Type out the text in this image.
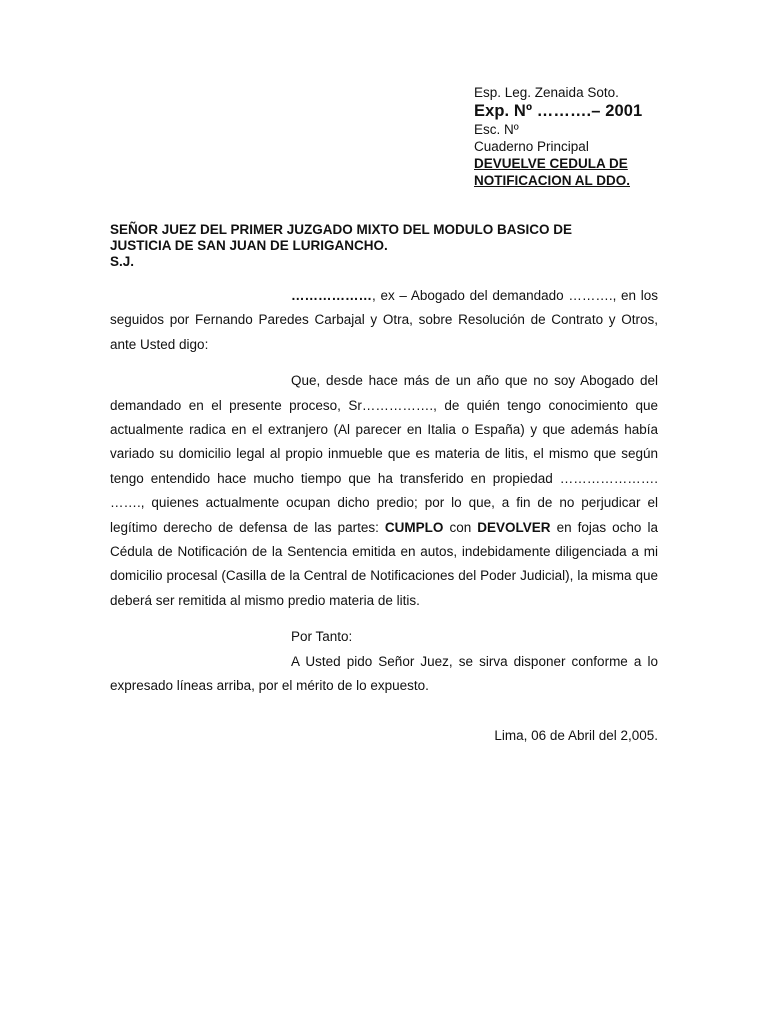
Esp. Leg. Zenaida Soto.
Exp. Nº ……….– 2001
Esc. Nº
Cuaderno Principal
DEVUELVE CEDULA DE
NOTIFICACION AL DDO.
SEÑOR JUEZ DEL PRIMER JUZGADO MIXTO DEL MODULO BASICO DE
JUSTICIA DE SAN JUAN DE LURIGANCHO.
S.J.

………………, ex – Abogado del demandado ………., en los seguidos por Fernando Paredes Carbajal y Otra, sobre Resolución de Contrato y Otros, ante Usted digo:

Que, desde hace más de un año que no soy Abogado del demandado en el presente proceso, Sr……………., de quién tengo conocimiento que actualmente radica en el extranjero (Al parecer en Italia o España) y que además había variado su domicilio legal al propio inmueble que es materia de litis, el mismo que según tengo entendido hace mucho tiempo que ha transferido en propiedad …………………. ……., quienes actualmente ocupan dicho predio; por lo que, a fin de no perjudicar el legítimo derecho de defensa de las partes: CUMPLO con DEVOLVER en fojas ocho la Cédula de Notificación de la Sentencia emitida en autos, indebidamente diligenciada a mi domicilio procesal (Casilla de la Central de Notificaciones del Poder Judicial), la misma que deberá ser remitida al mismo predio materia de litis.

Por Tanto:

A Usted pido Señor Juez, se sirva disponer conforme a lo expresado líneas arriba, por el mérito de lo expuesto.

Lima, 06 de Abril del 2,005.
